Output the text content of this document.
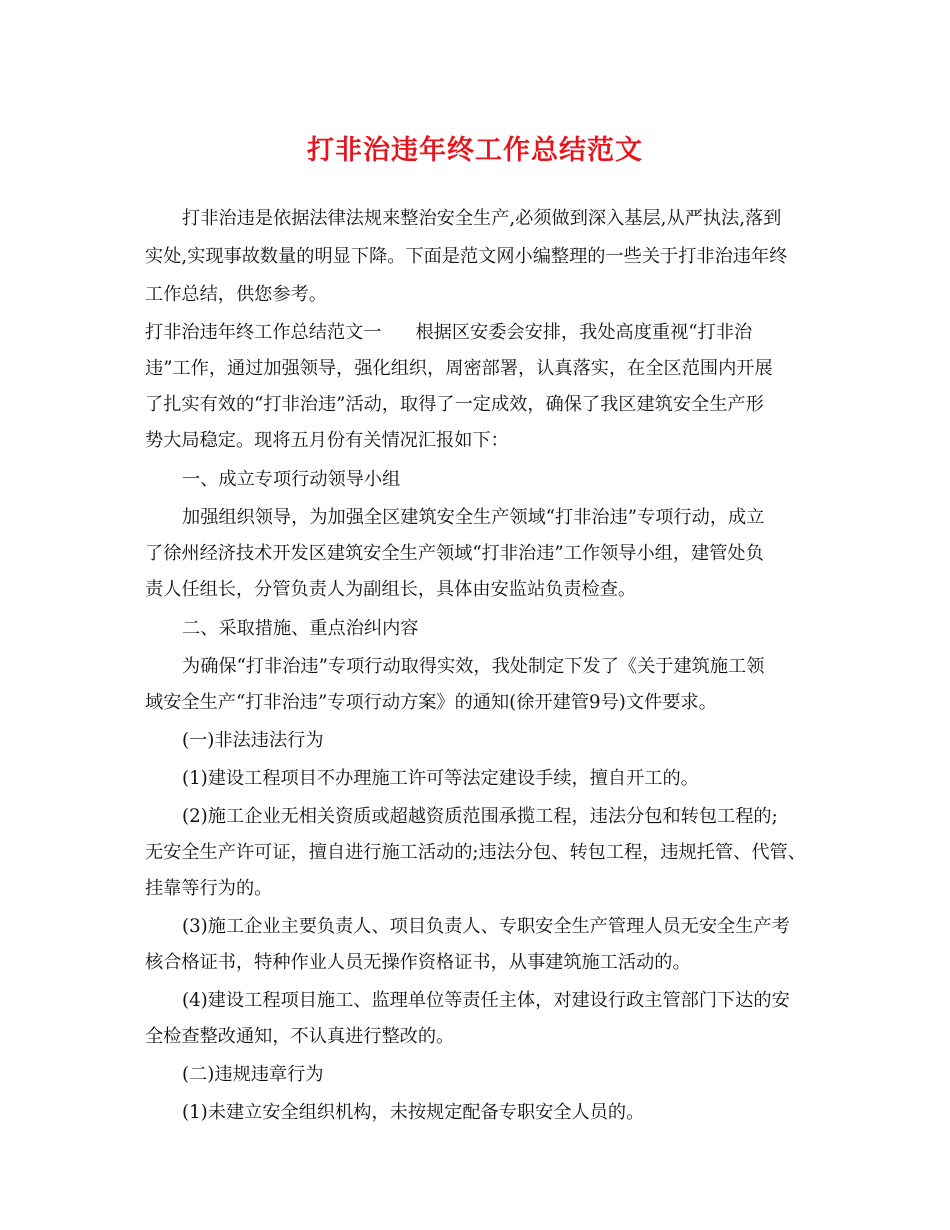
打非治违年终工作总结范文

打非治违是依据法律法规来整治安全生产,必须做到深入基层,从严执法,落到

实处,实现事故数量的明显下降。下面是范文网小编整理的一些关于打非治违年终

工作总结，供您参考。

打非治违年终工作总结范文一 根据区安委会安排，我处高度重视“打非治

违”工作，通过加强领导，强化组织，周密部署，认真落实，在全区范围内开展

了扎实有效的“打非治违”活动，取得了一定成效，确保了我区建筑安全生产形

势大局稳定。现将五月份有关情况汇报如下：

一、成立专项行动领导小组

加强组织领导，为加强全区建筑安全生产领域“打非治违”专项行动，成立

了徐州经济技术开发区建筑安全生产领域“打非治违”工作领导小组，建管处负

责人任组长，分管负责人为副组长，具体由安监站负责检查。

二、采取措施、重点治纠内容

为确保“打非治违”专项行动取得实效，我处制定下发了《关于建筑施工领

域安全生产“打非治违”专项行动方案》的通知(徐开建管9号)文件要求。

(一)非法违法行为

(1)建设工程项目不办理施工许可等法定建设手续，擅自开工的。

(2)施工企业无相关资质或超越资质范围承揽工程，违法分包和转包工程的;

无安全生产许可证，擅自进行施工活动的;违法分包、转包工程，违规托管、代管、

挂靠等行为的。

(3)施工企业主要负责人、项目负责人、专职安全生产管理人员无安全生产考

核合格证书，特种作业人员无操作资格证书，从事建筑施工活动的。

(4)建设工程项目施工、监理单位等责任主体，对建设行政主管部门下达的安

全检查整改通知，不认真进行整改的。

(二)违规违章行为

(1)未建立安全组织机构，未按规定配备专职安全人员的。
